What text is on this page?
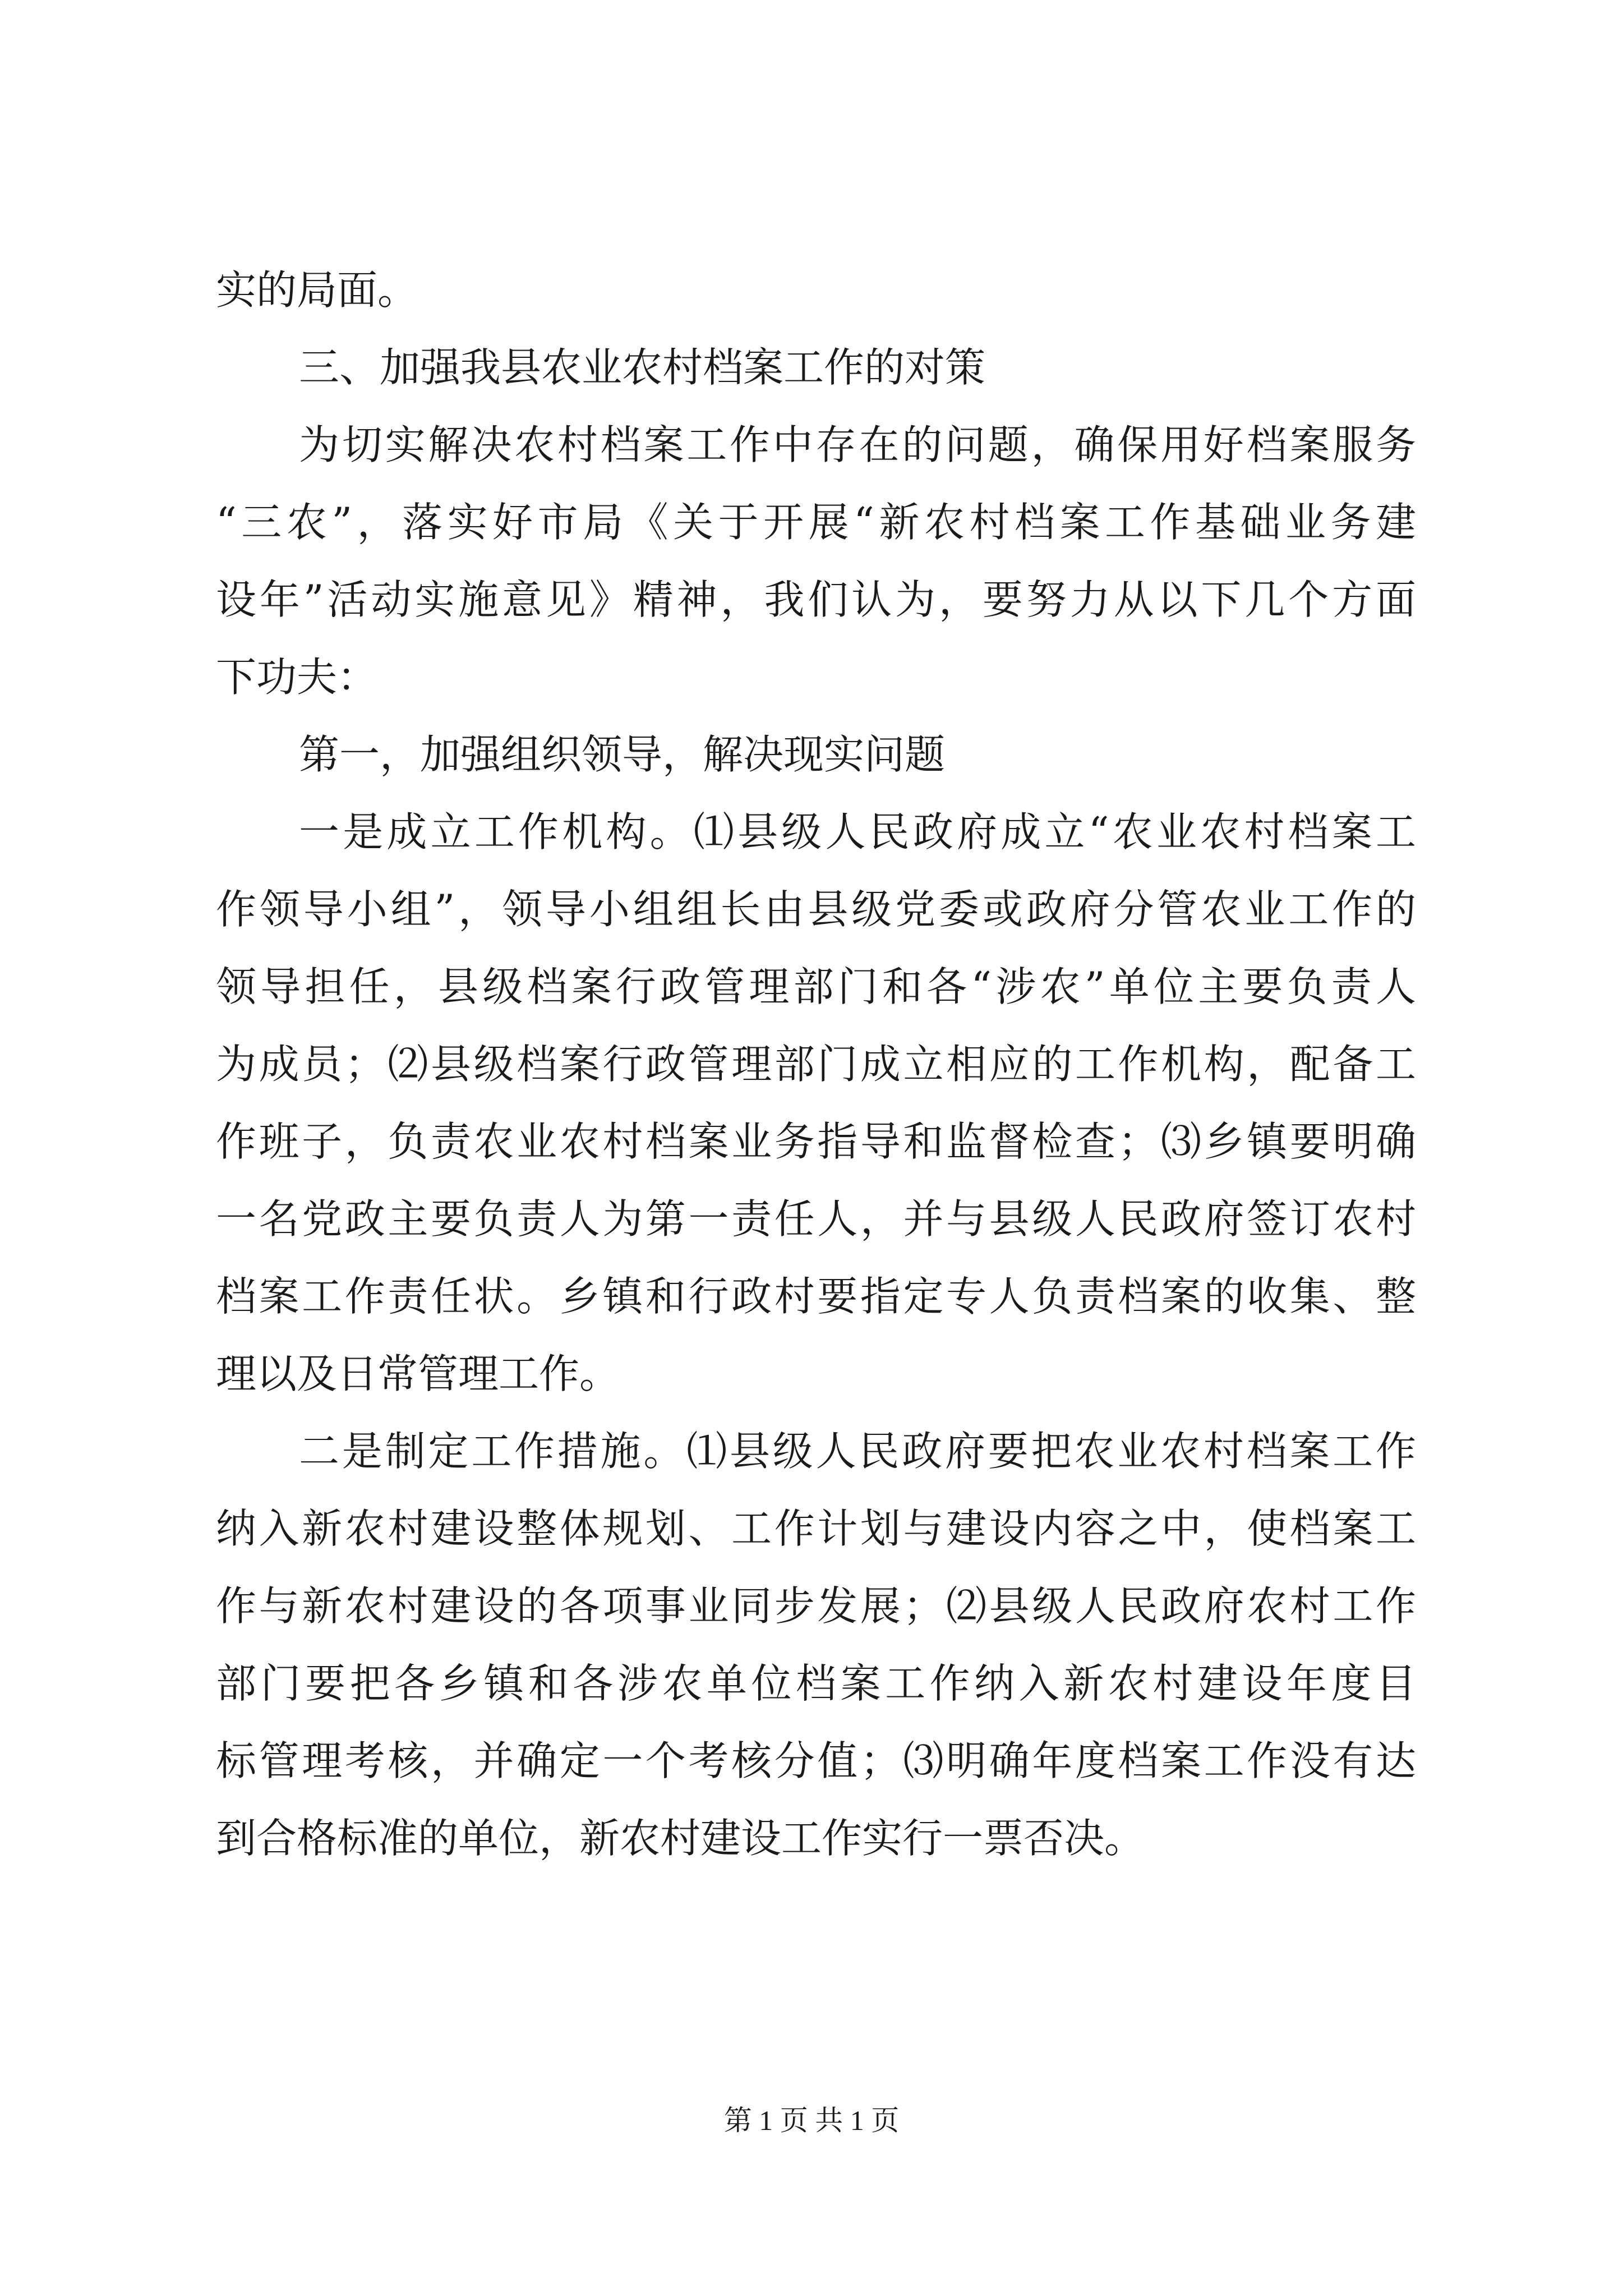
实的局面。
三、加强我县农业农村档案工作的对策
为切实解决农村档案工作中存在的问题，确保用好档案服务
“三农”，落实好市局《关于开展“新农村档案工作基础业务建
设年”活动实施意见》精神，我们认为，要努力从以下几个方面
下功夫：
第一，加强组织领导，解决现实问题
一是成立工作机构。⑴县级人民政府成立“农业农村档案工
作领导小组”，领导小组组长由县级党委或政府分管农业工作的
领导担任，县级档案行政管理部门和各“涉农”单位主要负责人
为成员；⑵县级档案行政管理部门成立相应的工作机构，配备工
作班子，负责农业农村档案业务指导和监督检查；⑶乡镇要明确
一名党政主要负责人为第一责任人，并与县级人民政府签订农村
档案工作责任状。乡镇和行政村要指定专人负责档案的收集、整
理以及日常管理工作。
二是制定工作措施。⑴县级人民政府要把农业农村档案工作
纳入新农村建设整体规划、工作计划与建设内容之中，使档案工
作与新农村建设的各项事业同步发展；⑵县级人民政府农村工作
部门要把各乡镇和各涉农单位档案工作纳入新农村建设年度目
标管理考核，并确定一个考核分值；⑶明确年度档案工作没有达
到合格标准的单位，新农村建设工作实行一票否决。
第 1 页 共 1 页
